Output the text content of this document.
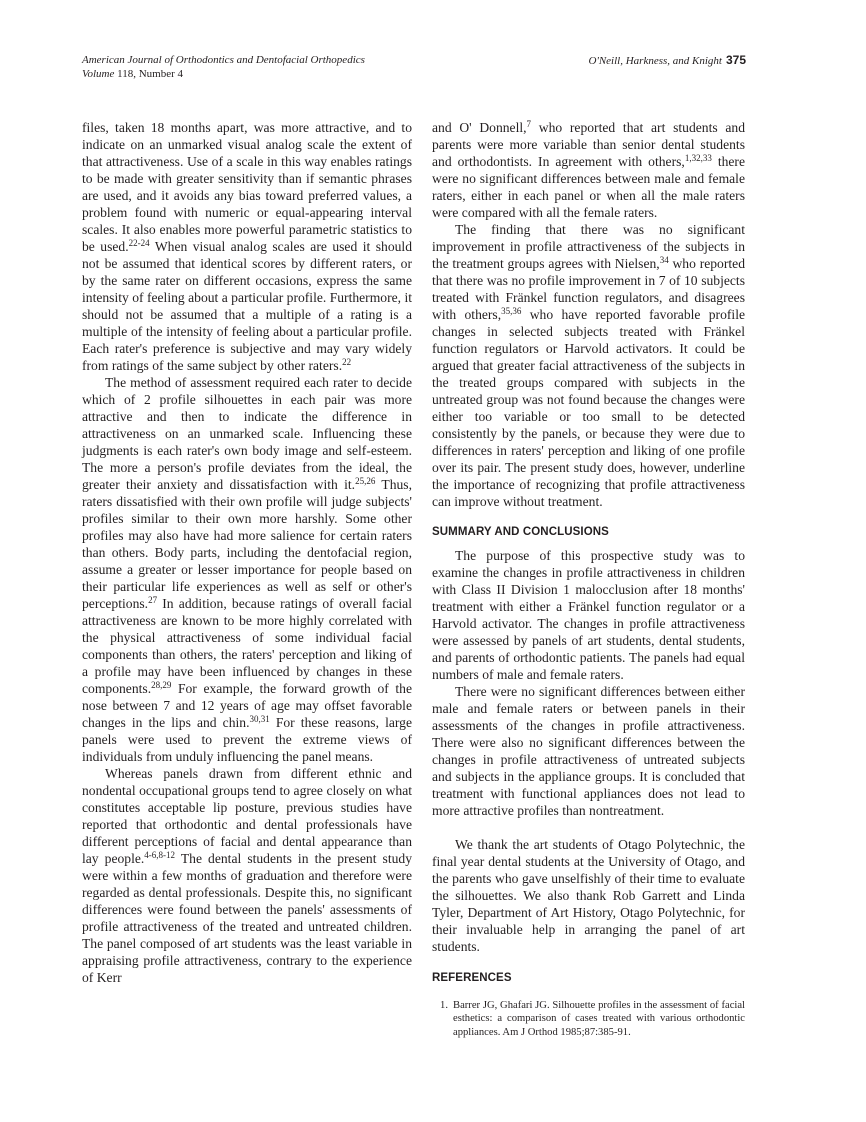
American Journal of Orthodontics and Dentofacial Orthopedics
Volume 118, Number 4
O'Neill, Harkness, and Knight 375

files, taken 18 months apart, was more attractive, and to indicate on an unmarked visual analog scale the extent of that attractiveness. Use of a scale in this way enables ratings to be made with greater sensitivity than if semantic phrases are used, and it avoids any bias toward preferred values, a problem found with numeric or equal-appearing interval scales. It also enables more powerful parametric statistics to be used.$^{22-24}$ When visual analog scales are used it should not be assumed that identical scores by different raters, or by the same rater on different occasions, express the same intensity of feeling about a particular profile. Furthermore, it should not be assumed that a multiple of a rating is a multiple of the intensity of feeling about a particular profile. Each rater's preference is subjective and may vary widely from ratings of the same subject by other raters.$^{22}$

The method of assessment required each rater to decide which of 2 profile silhouettes in each pair was more attractive and then to indicate the difference in attractiveness on an unmarked scale. Influencing these judgments is each rater's own body image and self-esteem. The more a person's profile deviates from the ideal, the greater their anxiety and dissatisfaction with it.$^{25,26}$ Thus, raters dissatisfied with their own profile will judge subjects' profiles similar to their own more harshly. Some other profiles may also have had more salience for certain raters than others. Body parts, including the dentofacial region, assume a greater or lesser importance for people based on their particular life experiences as well as self or other's perceptions.$^{27}$ In addition, because ratings of overall facial attractiveness are known to be more highly correlated with the physical attractiveness of some individual facial components than others, the raters' perception and liking of a profile may have been influenced by changes in these components.$^{28,29}$ For example, the forward growth of the nose between 7 and 12 years of age may offset favorable changes in the lips and chin.$^{30,31}$ For these reasons, large panels were used to prevent the extreme views of individuals from unduly influencing the panel means.

Whereas panels drawn from different ethnic and nondental occupational groups tend to agree closely on what constitutes acceptable lip posture, previous studies have reported that orthodontic and dental professionals have different perceptions of facial and dental appearance than lay people.$^{4-6,8-12}$ The dental students in the present study were within a few months of graduation and therefore were regarded as dental professionals. Despite this, no significant differences were found between the panels' assessments of profile attractiveness of the treated and untreated children. The panel composed of art students was the least variable in appraising profile attractiveness, contrary to the experience of Kerr

and O' Donnell,$^7$ who reported that art students and parents were more variable than senior dental students and orthodontists. In agreement with others,$^{1,32,33}$ there were no significant differences between male and female raters, either in each panel or when all the male raters were compared with all the female raters.

The finding that there was no significant improvement in profile attractiveness of the subjects in the treatment groups agrees with Nielsen,$^{34}$ who reported that there was no profile improvement in 7 of 10 subjects treated with Fränkel function regulators, and disagrees with others,$^{35,36}$ who have reported favorable profile changes in selected subjects treated with Fränkel function regulators or Harvold activators. It could be argued that greater facial attractiveness of the subjects in the treated groups compared with subjects in the untreated group was not found because the changes were either too variable or too small to be detected consistently by the panels, or because they were due to differences in raters' perception and liking of one profile over its pair. The present study does, however, underline the importance of recognizing that profile attractiveness can improve without treatment.

SUMMARY AND CONCLUSIONS

The purpose of this prospective study was to examine the changes in profile attractiveness in children with Class II Division 1 malocclusion after 18 months' treatment with either a Fränkel function regulator or a Harvold activator. The changes in profile attractiveness were assessed by panels of art students, dental students, and parents of orthodontic patients. The panels had equal numbers of male and female raters.

There were no significant differences between either male and female raters or between panels in their assessments of the changes in profile attractiveness. There were also no significant differences between the changes in profile attractiveness of untreated subjects and subjects in the appliance groups. It is concluded that treatment with functional appliances does not lead to more attractive profiles than nontreatment.

We thank the art students of Otago Polytechnic, the final year dental students at the University of Otago, and the parents who gave unselfishly of their time to evaluate the silhouettes. We also thank Rob Garrett and Linda Tyler, Department of Art History, Otago Polytechnic, for their invaluable help in arranging the panel of art students.

REFERENCES
1. Barrer JG, Ghafari JG. Silhouette profiles in the assessment of facial esthetics: a comparison of cases treated with various orthodontic appliances. Am J Orthod 1985;87:385-91.
